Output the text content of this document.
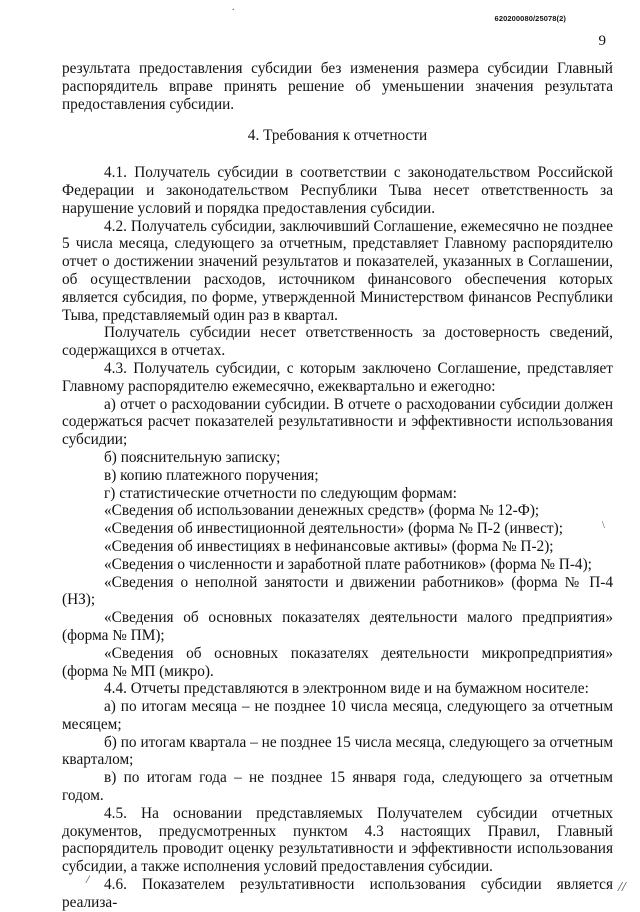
620200080/25078(2)
9

результата предоставления субсидии без изменения размера субсидии Главный распорядитель вправе принять решение об уменьшении значения результата предоставления субсидии.

4. Требования к отчетности

4.1. Получатель субсидии в соответствии с законодательством Российской Федерации и законодательством Республики Тыва несет ответственность за нарушение условий и порядка предоставления субсидии.

4.2. Получатель субсидии, заключивший Соглашение, ежемесячно не позднее 5 числа месяца, следующего за отчетным, представляет Главному распорядителю отчет о достижении значений результатов и показателей, указанных в Соглашении, об осуществлении расходов, источником финансового обеспечения которых является субсидия, по форме, утвержденной Министерством финансов Республики Тыва, представляемый один раз в квартал.

Получатель субсидии несет ответственность за достоверность сведений, содержащихся в отчетах.

4.3. Получатель субсидии, с которым заключено Соглашение, представляет Главному распорядителю ежемесячно, ежеквартально и ежегодно:

а) отчет о расходовании субсидии. В отчете о расходовании субсидии должен содержаться расчет показателей результативности и эффективности использования субсидии;

б) пояснительную записку;

в) копию платежного поручения;

г) статистические отчетности по следующим формам:

«Сведения об использовании денежных средств» (форма № 12-Ф);

«Сведения об инвестиционной деятельности» (форма № П-2 (инвест);

«Сведения об инвестициях в нефинансовые активы» (форма № П-2);

«Сведения о численности и заработной плате работников» (форма № П-4);

«Сведения о неполной занятости и движении работников» (форма № П-4 (НЗ);

«Сведения об основных показателях деятельности малого предприятия» (форма № ПМ);

«Сведения об основных показателях деятельности микропредприятия» (форма № МП (микро).

4.4. Отчеты представляются в электронном виде и на бумажном носителе:

а) по итогам месяца – не позднее 10 числа месяца, следующего за отчетным месяцем;

б) по итогам квартала – не позднее 15 числа месяца, следующего за отчетным кварталом;

в) по итогам года – не позднее 15 января года, следующего за отчетным годом.

4.5. На основании представляемых Получателем субсидии отчетных документов, предусмотренных пунктом 4.3 настоящих Правил, Главный распорядитель проводит оценку результативности и эффективности использования субсидии, а также исполнения условий предоставления субсидии.

4.6. Показателем результативности использования субсидии является реализа-

.
\
/
//
